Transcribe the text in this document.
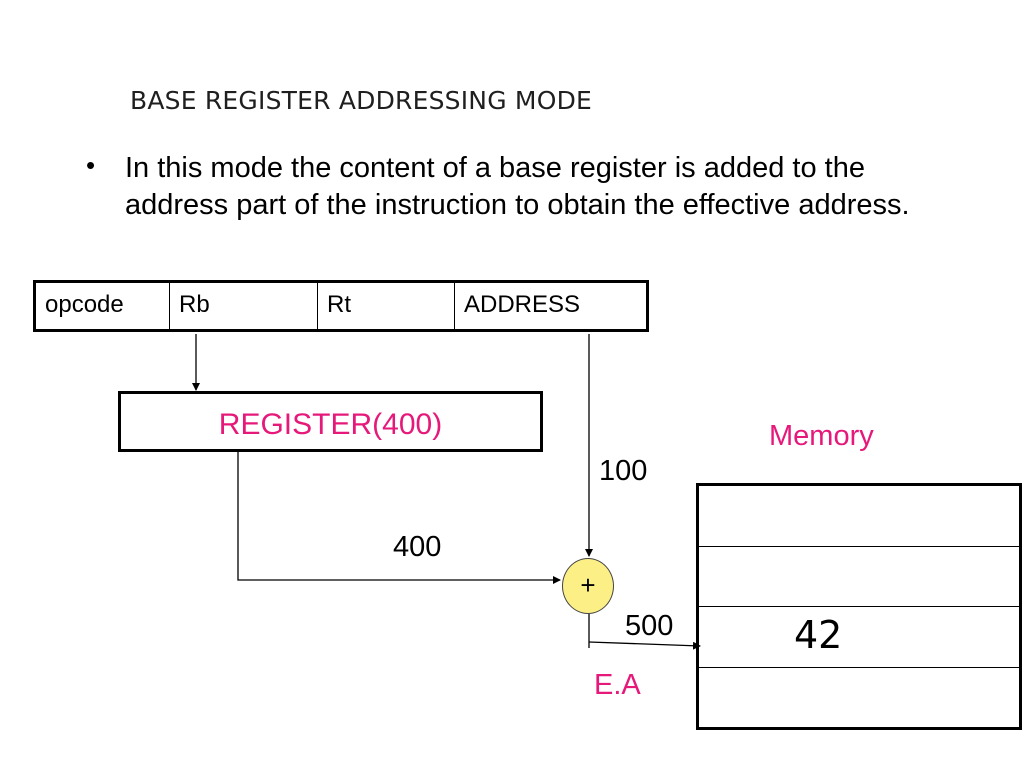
BASE REGISTER ADDRESSING MODE
• In this mode the content of a base register is added to the address part of the instruction to obtain the effective address.
opcode	Rb	Rt	ADDRESS
REGISTER(400)
100
400
500
E.A
Memory
+
42
